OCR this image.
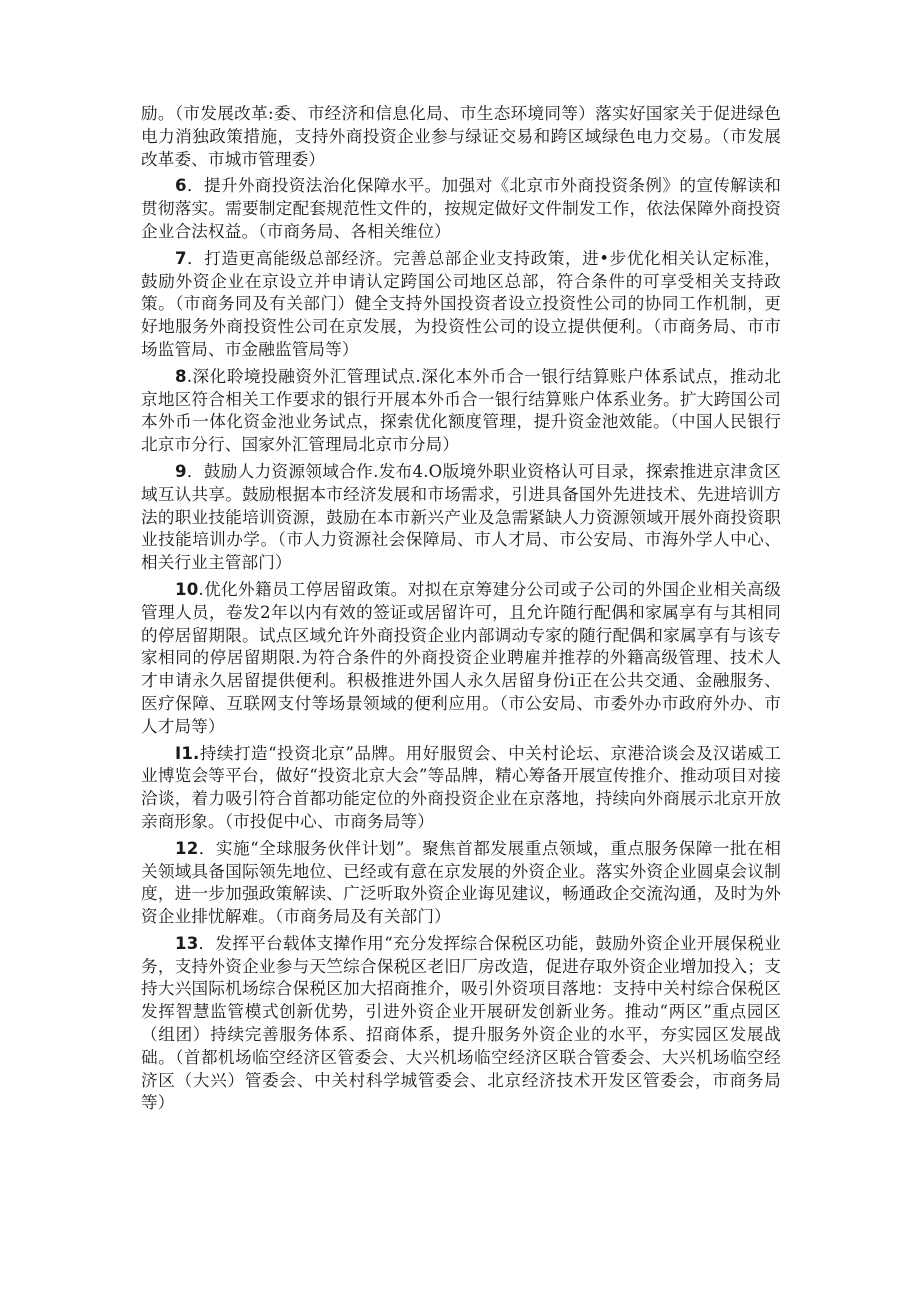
励。（市发展改革:委、市经济和信息化局、市生态环境同等）落实好国家关于促进绿色电力消独政策措施，支持外商投资企业参与绿证交易和跨区域绿色电力交易。（市发展改革委、市城市管理委）

6．提升外商投资法治化保障水平。加强对《北京市外商投资条例》的宣传解读和贯彻落实。需要制定配套规范性文件的，按规定做好文件制发工作，依法保障外商投资企业合法权益。（市商务局、各相关维位）

7．打造更高能级总部经济。完善总部企业支持政策，进•步优化相关认定标准，鼓励外资企业在京设立并申请认定跨国公司地区总部，符合条件的可享受相关支持政策。（市商务同及有关部门）健全支持外国投资者设立投资性公司的协同工作机制，更好地服务外商投资性公司在京发展，为投资性公司的设立提供便利。（市商务局、市市场监管局、市金融监管局等）

8.深化聆境投融资外汇管理试点.深化本外币合一银行结算账户体系试点，推动北京地区符合相关工作要求的银行开展本外币合一银行结算账户体系业务。扩大跨国公司本外币一体化资金池业务试点，探索优化额度管理，提升资金池效能。（中国人民银行北京市分行、国家外汇管理局北京市分局）

9．鼓励人力资源领域合作.发布4.O版境外职业资格认可目录，探索推进京津贪区域互认共享。鼓励根据本市经济发展和市场需求，引进具备国外先进技术、先进培训方法的职业技能培训资源，鼓励在本市新兴产业及急需紧缺人力资源领域开展外商投资职业技能培训办学。（市人力资源社会保障局、市人才局、市公安局、市海外学人中心、相关行业主管部门）

10.优化外籍员工停居留政策。对拟在京筹建分公司或子公司的外国企业相关高级管理人员，卷发2年以内有效的签证或居留许可，且允许随行配偶和家属享有与其相同的停居留期限。试点区域允许外商投资企业内部调动专家的随行配偶和家属享有与该专家相同的停居留期限.为符合条件的外商投资企业聘雇并推荐的外籍高级管理、技术人才申请永久居留提供便利。积极推进外国人永久居留身份i正在公共交通、金融服务、医疗保障、互联网支付等场景领域的便利应用。（市公安局、市委外办市政府外办、市人才局等）

I1.持续打造“投资北京”品牌。用好服贸会、中关村论坛、京港洽谈会及汉诺威工业博览会等平台，做好“投资北京大会”等品牌，精心筹备开展宣传推介、推动项目对接洽谈，着力吸引符合首都功能定位的外商投资企业在京落地，持续向外商展示北京开放亲商形象。（市投促中心、市商务局等）

12．实施“全球服务伙伴计划”。聚焦首都发展重点领域，重点服务保障一批在相关领域具备国际领先地位、已经或有意在京发展的外资企业。落实外资企业圆桌会议制度，进一步加强政策解读、广泛听取外资企业诲见建议，畅通政企交流沟通，及时为外资企业排忧解难。（市商务局及有关部门）

13．发挥平台载体支撵作用“充分发挥综合保税区功能，鼓励外资企业开展保税业务，支持外资企业参与天竺综合保税区老旧厂房改造，促进存取外资企业增加投入；支持大兴国际机场综合保税区加大招商推介，吸引外资项目落地：支持中关村综合保税区发挥智慧监管模式创新优势，引进外资企业开展研发创新业务。推动“两区”重点园区（组团）持续完善服务体系、招商体系，提升服务外资企业的水平，夯实园区发展战础。（首都机场临空经济区管委会、大兴机场临空经济区联合管委会、大兴机场临空经济区（大兴）管委会、中关村科学城管委会、北京经济技术开发区管委会，市商务局等）
